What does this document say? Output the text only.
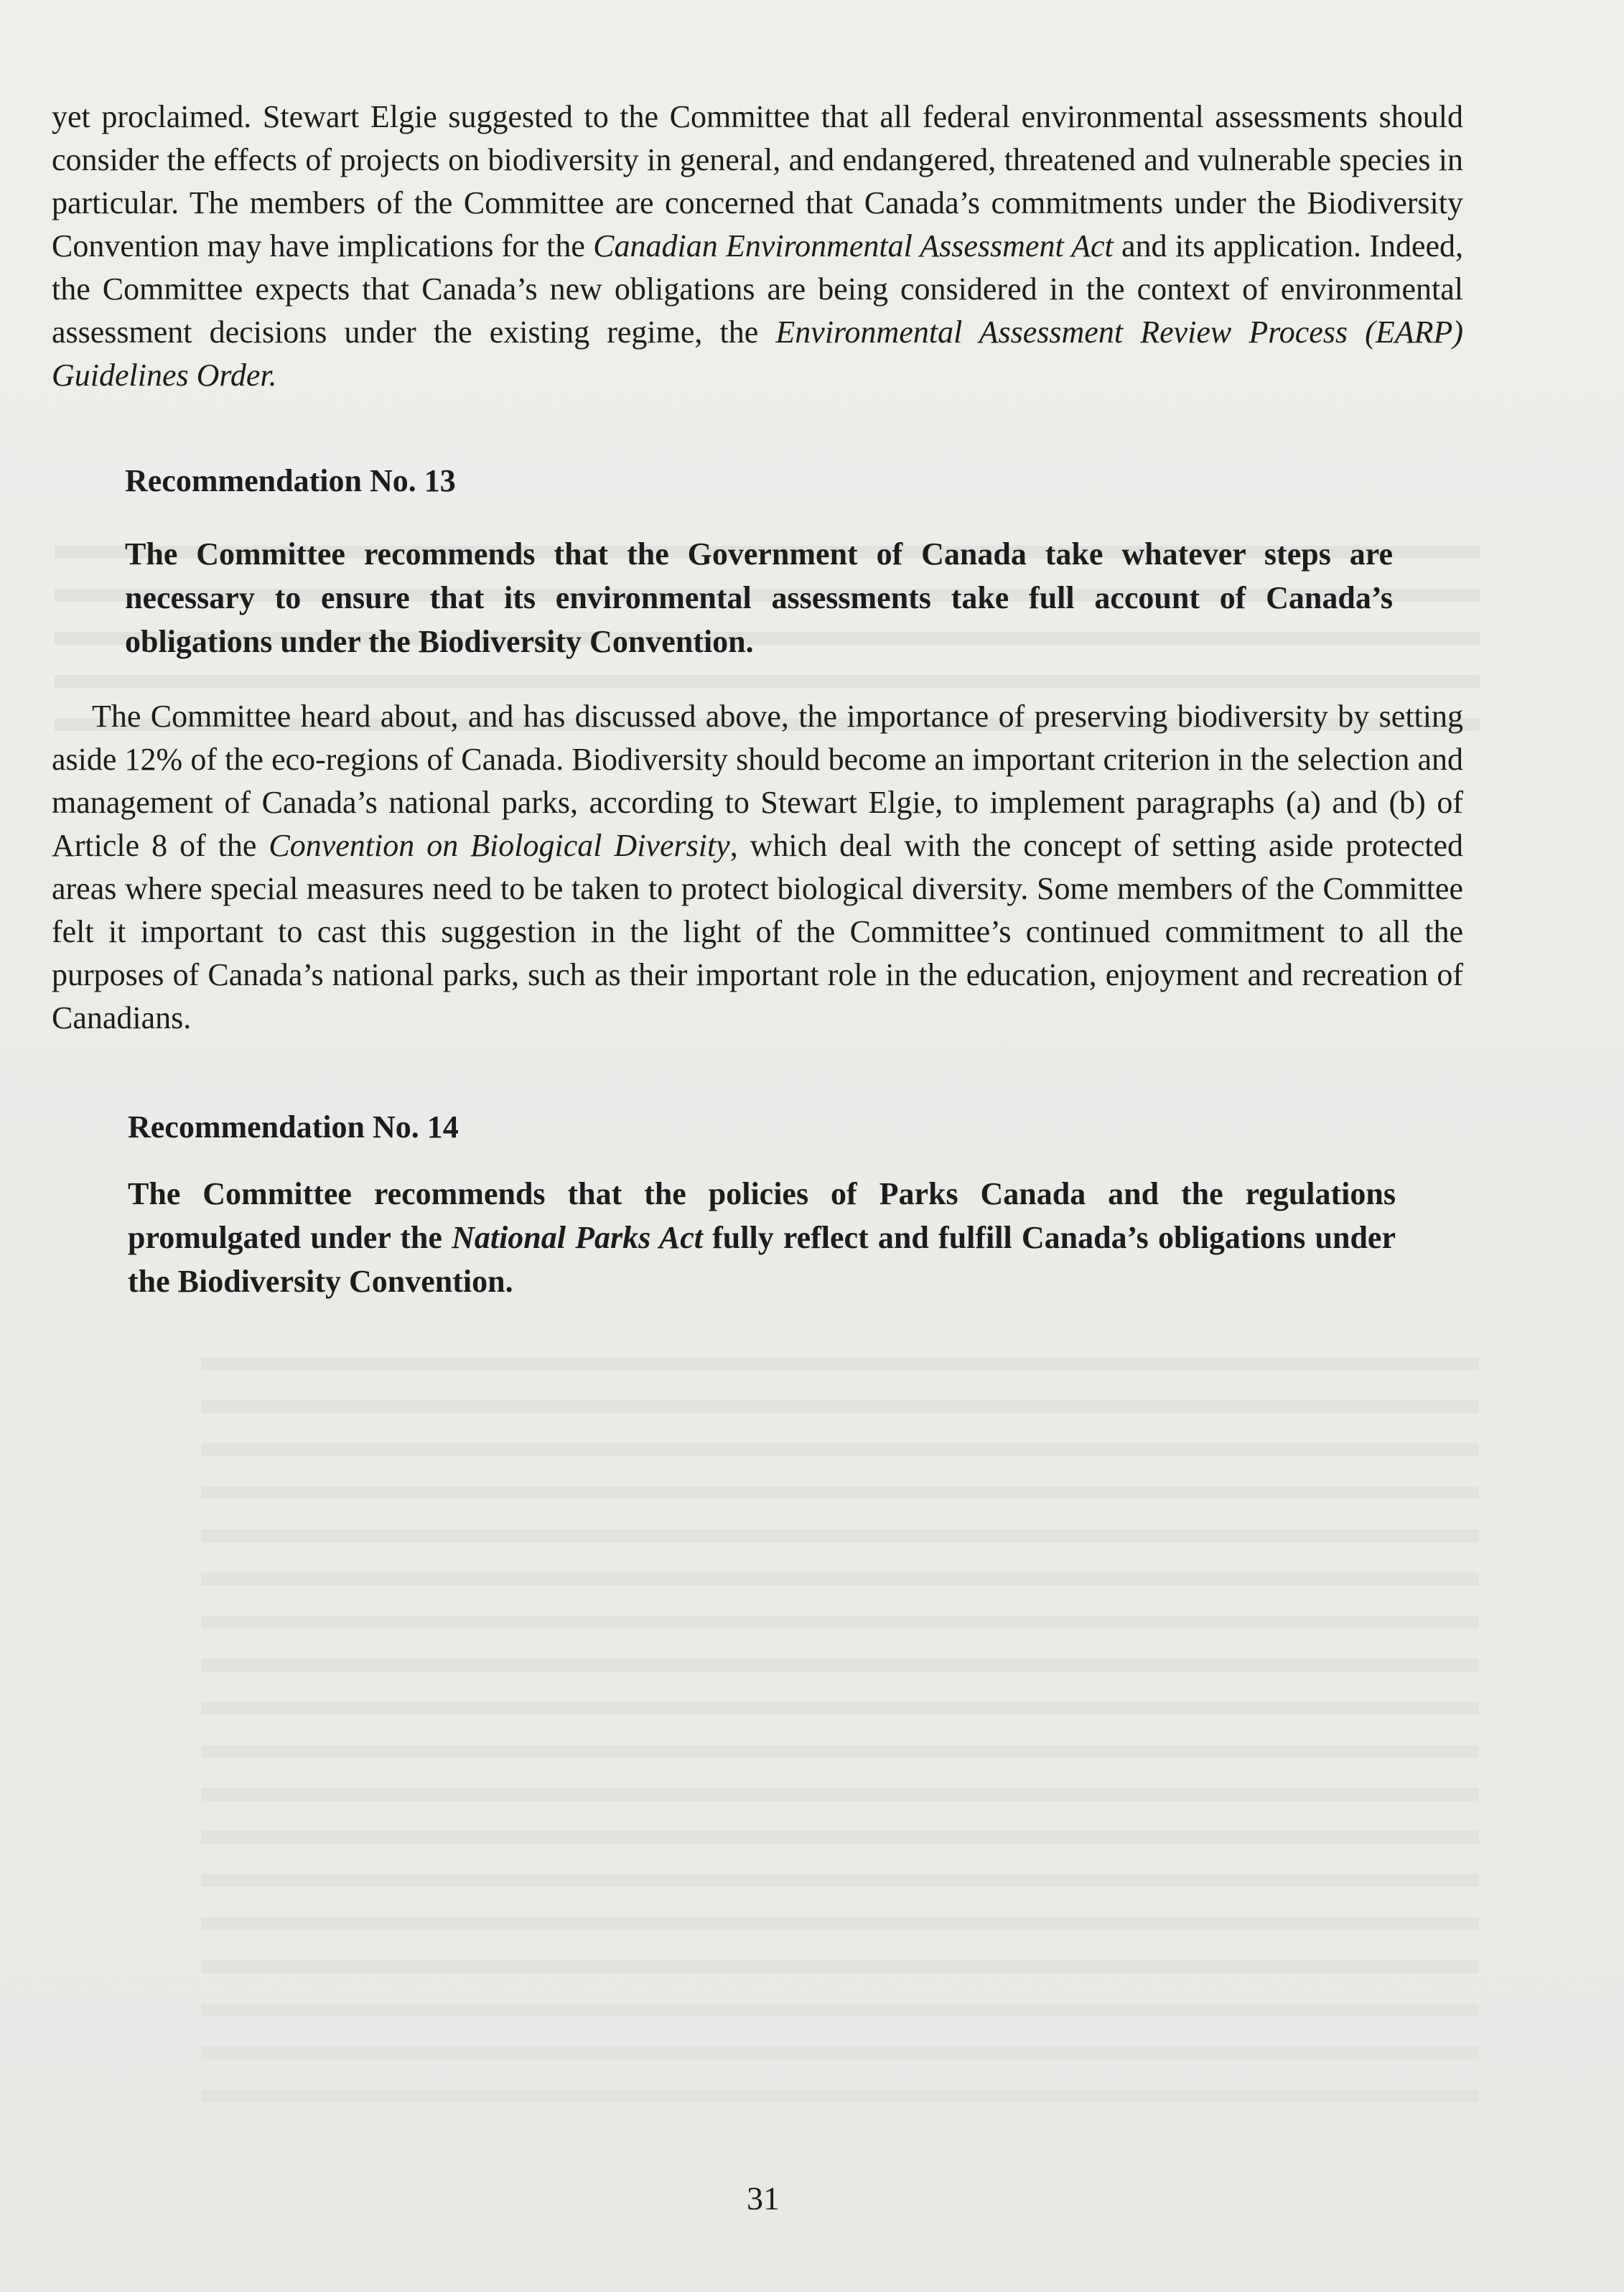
yet proclaimed. Stewart Elgie suggested to the Committee that all federal environmental assessments should consider the effects of projects on biodiversity in general, and endangered, threatened and vulnerable species in particular. The members of the Committee are concerned that Canada’s commitments under the Biodiversity Convention may have implications for the Canadian Environmental Assessment Act and its application. Indeed, the Committee expects that Canada’s new obligations are being considered in the context of environmental assessment decisions under the existing regime, the Environmental Assessment Review Process (EARP) Guidelines Order.

Recommendation No. 13
The Committee recommends that the Government of Canada take whatever steps are necessary to ensure that its environmental assessments take full account of Canada’s obligations under the Biodiversity Convention.

The Committee heard about, and has discussed above, the importance of preserving biodiversity by setting aside 12% of the eco-regions of Canada. Biodiversity should become an important criterion in the selection and management of Canada’s national parks, according to Stewart Elgie, to implement paragraphs (a) and (b) of Article 8 of the Convention on Biological Diversity, which deal with the concept of setting aside protected areas where special measures need to be taken to protect biological diversity. Some members of the Committee felt it important to cast this suggestion in the light of the Committee’s continued commitment to all the purposes of Canada’s national parks, such as their important role in the education, enjoyment and recreation of Canadians.

Recommendation No. 14
The Committee recommends that the policies of Parks Canada and the regulations promulgated under the National Parks Act fully reflect and fulfill Canada’s obligations under the Biodiversity Convention.
31
